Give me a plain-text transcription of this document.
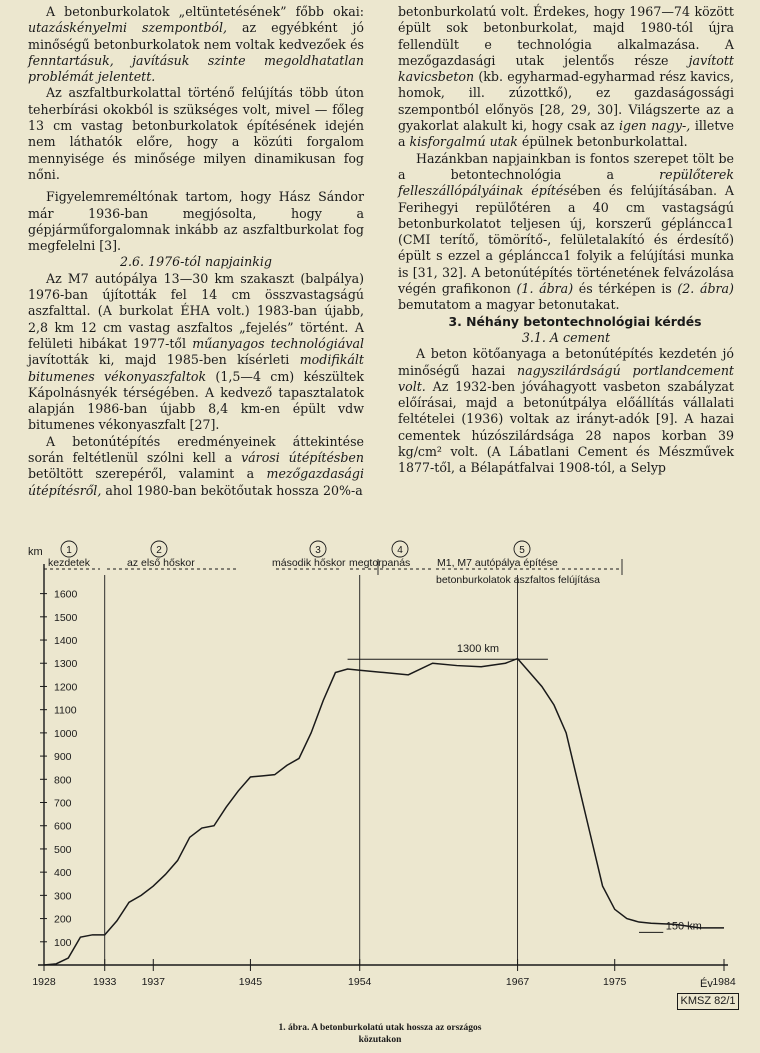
A betonburkolatok „eltüntetésének” főbb okai: utazáskényelmi szempontból, az egyébként jó minőségű betonburkolatok nem voltak kedvezőek és fenntartásuk, javításuk szinte megoldhatatlan problémát jelentett.

Az aszfaltburkolattal történő felújítás több úton teherbírási okokból is szükséges volt, mivel — főleg 13 cm vastag betonburkolatok építésének idején nem láthatók előre, hogy a közúti forgalom mennyisége és minősége milyen dinamikusan fog nőni.

Figyelemreméltónak tartom, hogy Hász Sándor már 1936-ban megjósolta, hogy a gépjárműforgalomnak inkább az aszfaltburkolat fog megfelelni [3].

2.6. 1976-tól napjainkig

Az M7 autópálya 13—30 km szakaszt (balpálya) 1976-ban újították fel 14 cm összvastagságú aszfalttal. (A burkolat ÉHA volt.) 1983-ban újabb, 2,8 km 12 cm vastag aszfaltos „fejelés” történt. A felületi hibákat 1977-től műanyagos technológiával javították ki, majd 1985-ben kísérleti modifikált bitumenes vékonyaszfaltok (1,5—4 cm) készültek Kápolnásnyék térségében. A kedvező tapasztalatok alapján 1986-ban újabb 8,4 km-en épült vdw bitumenes vékonyaszfalt [27].

A betonútépítés eredményeinek áttekintése során feltétlenül szólni kell a városi útépítésben betöltött szerepéről, valamint a mezőgazdasági útépítésről, ahol 1980-ban bekötőutak hossza 20%-a

betonburkolatú volt. Érdekes, hogy 1967—74 között épült sok betonburkolat, majd 1980-tól újra fellendült e technológia alkalmazása. A mezőgazdasági utak jelentős része javított kavicsbeton (kb. egyharmad-egyharmad rész kavics, homok, ill. zúzottkő), ez gazdaságossági szempontból előnyös [28, 29, 30]. Világszerte az a gyakorlat alakult ki, hogy csak az igen nagy-, illetve a kisforgalmú utak épülnek betonburkolattal.

Hazánkban napjainkban is fontos szerepet tölt be a betontechnológia a	repülőterek felleszállópályáinak építésében és felújításában. A Ferihegyi repülőtéren a 40 cm vastagságú betonburkolatot teljesen új, korszerű gépláncca1 (CMI terítő, tömörítő-, felületalakító és érdesítő) épült s ezzel a gépláncca1 folyik a felújítási munka is [31, 32]. A betonútépítés történetének felvázolása végén grafikonon (1. ábra) és térképen is (2. ábra) bemutatom a magyar betonutakat.

3. Néhány betontechnológiai kérdés

3.1. A cement

A beton kötőanyaga a betonútépítés kezdetén jó minőségű hazai nagyszilárdságú portlandcement volt. Az 1932-ben jóváhagyott vasbeton szabályzat előírásai, majd a betonútpálya előállítás vállalati feltételei (1936) voltak az irányt-adók [9]. A hazai cementek húzószilárdsága 28 napos korban 39 kg/cm² volt. (A Lábatlani Cement és Mészművek 1877-től, a Bélapátfalvai 1908-tól, a Selyp

km
Év
100
200
300
400
500
600
700
800
900
1000
1100
1200
1300
1400
1500
1600
1928	1933 1937	1945	1954	1967	1975	1984
1300 km
150 km
1
kezdetek
2
az első hőskor
3
második hőskor
4
megtorpanás
5
M1, M7 autópálya építése
betonburkolatok aszfaltos felújítása
KMSZ 82/1
1. ábra. A betonburkolatú utak hossza az országos
közutakon
